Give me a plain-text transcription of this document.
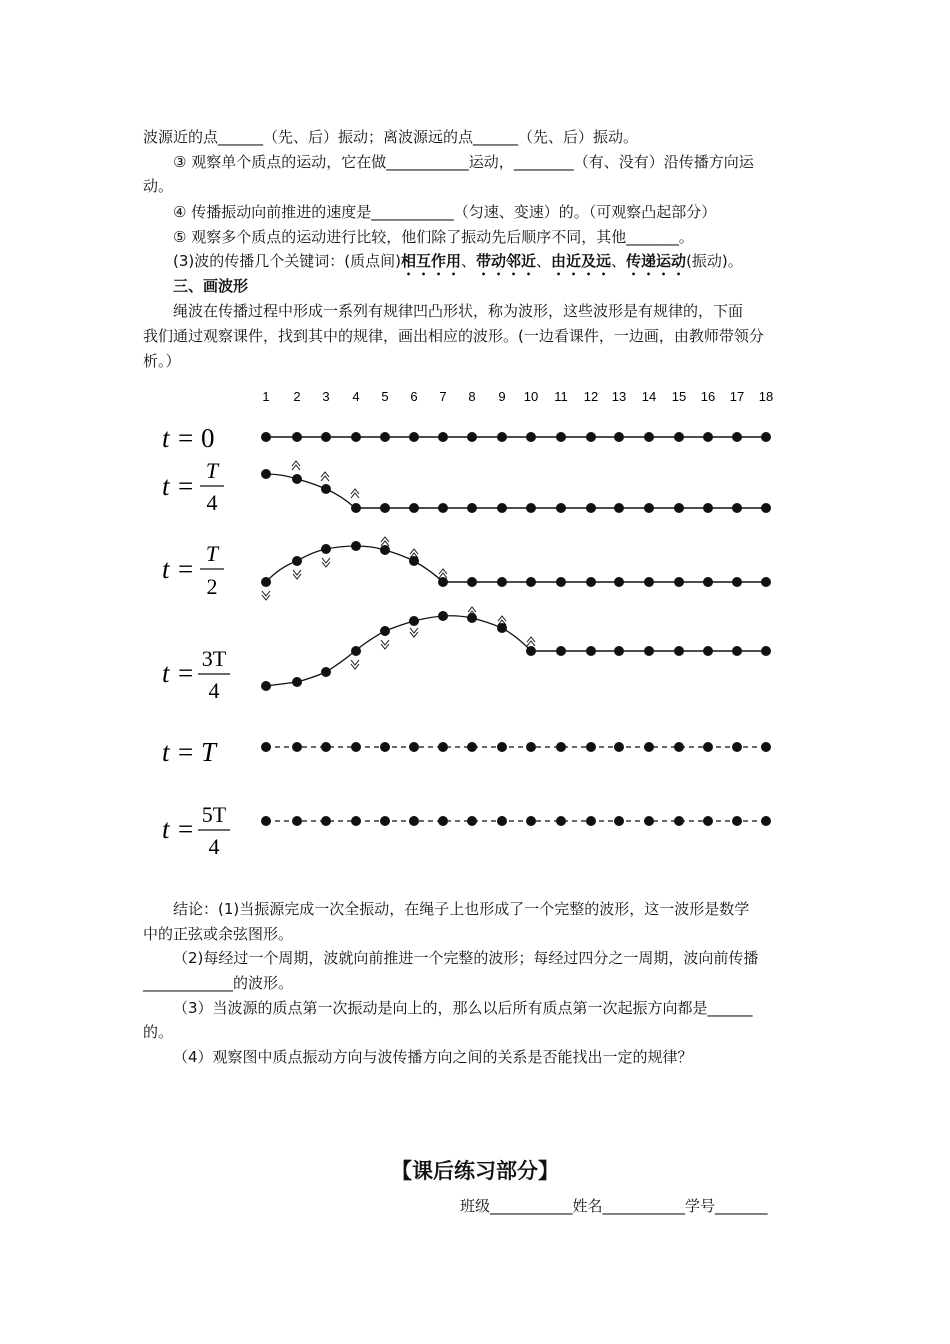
波源近的点______（先、后）振动；离波源远的点______（先、后）振动。
③ 观察单个质点的运动，它在做___________运动，________（有、没有）沿传播方向运
动。
④ 传播振动向前推进的速度是___________（匀速、变速）的。（可观察凸起部分）
⑤ 观察多个质点的运动进行比较，他们除了振动先后顺序不同，其他_______。
(3)波的传播几个关键词：(质点间)相互作用、带动邻近、由近及远、传递运动(振动)。
三、画波形
绳波在传播过程中形成一系列有规律凹凸形状，称为波形，这些波形是有规律的，下面
我们通过观察课件，找到其中的规律，画出相应的波形。(一边看课件，一边画，由教师带领分
析。）
1 2 3 4 5 6 7 8 9 10 11 12 13 14 15 16 17 18
t = 0
t =
T
4
t =
T
2
t = 3T
4
t = T
t = 5T
4
结论：(1)当振源完成一次全振动，在绳子上也形成了一个完整的波形，这一波形是数学
中的正弦或余弦图形。
（2)每经过一个周期，波就向前推进一个完整的波形；每经过四分之一周期，波向前传播
____________的波形。
（3）当波源的质点第一次振动是向上的，那么以后所有质点第一次起振方向都是______
的。
（4）观察图中质点振动方向与波传播方向之间的关系是否能找出一定的规律？
【课后练习部分】
班级___________姓名___________学号_______
